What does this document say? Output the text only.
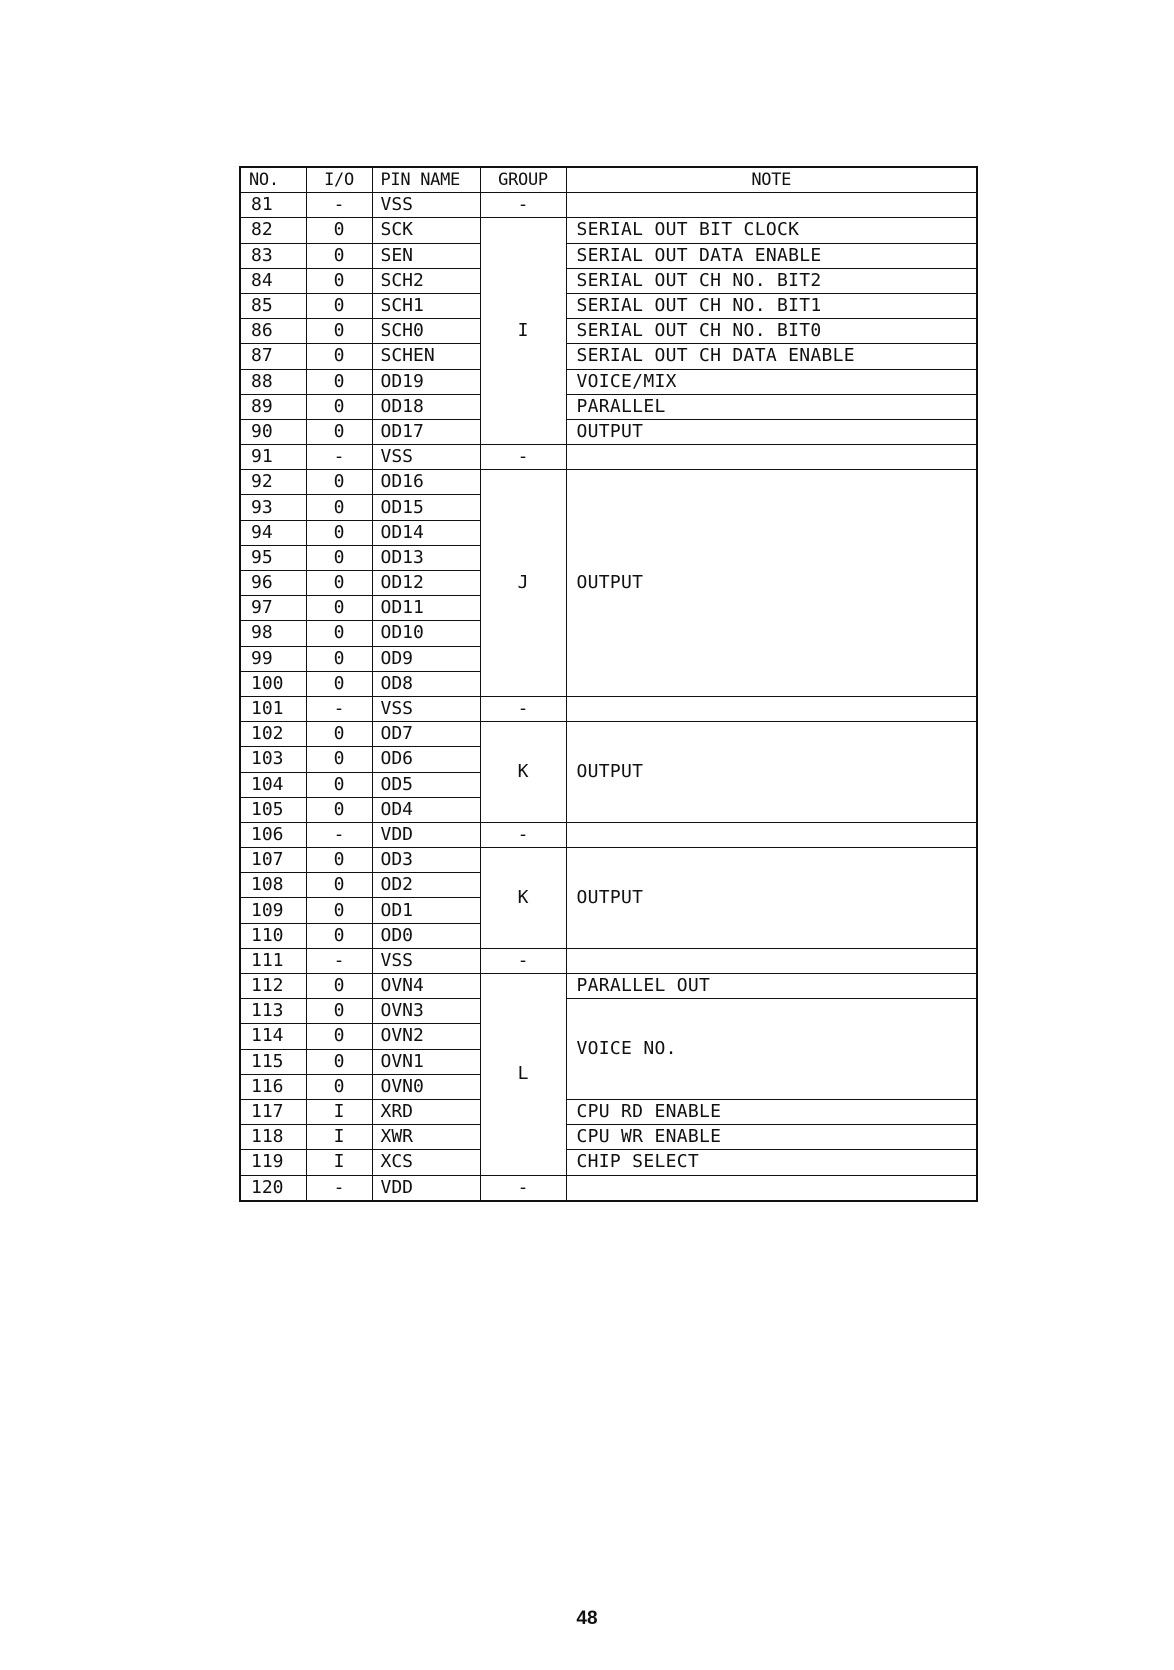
NO.	I/O	PIN NAME	GROUP	NOTE
81	-	VSS	-	
82	0	SCK	I	SERIAL OUT BIT CLOCK
83	0	SEN		SERIAL OUT DATA ENABLE
84	0	SCH2		SERIAL OUT CH NO. BIT2
85	0	SCH1		SERIAL OUT CH NO. BIT1
86	0	SCH0		SERIAL OUT CH NO. BIT0
87	0	SCHEN		SERIAL OUT CH DATA ENABLE
88	0	OD19		VOICE/MIX
89	0	OD18		PARALLEL
90	0	OD17		OUTPUT
91	-	VSS	-	
92	0	OD16	J	OUTPUT
93	0	OD15		
94	0	OD14		
95	0	OD13		
96	0	OD12		
97	0	OD11		
98	0	OD10		
99	0	OD9		
100	0	OD8		
101	-	VSS	-	
102	0	OD7	K	OUTPUT
103	0	OD6		
104	0	OD5		
105	0	OD4		
106	-	VDD	-	
107	0	OD3	K	OUTPUT
108	0	OD2		
109	0	OD1		
110	0	OD0		
111	-	VSS	-	
112	0	OVN4	L	PARALLEL OUT
113	0	OVN3		VOICE NO.
114	0	OVN2		
115	0	OVN1		
116	0	OVN0		
117	I	XRD		CPU RD ENABLE
118	I	XWR		CPU WR ENABLE
119	I	XCS		CHIP SELECT
120	-	VDD	-	
48
